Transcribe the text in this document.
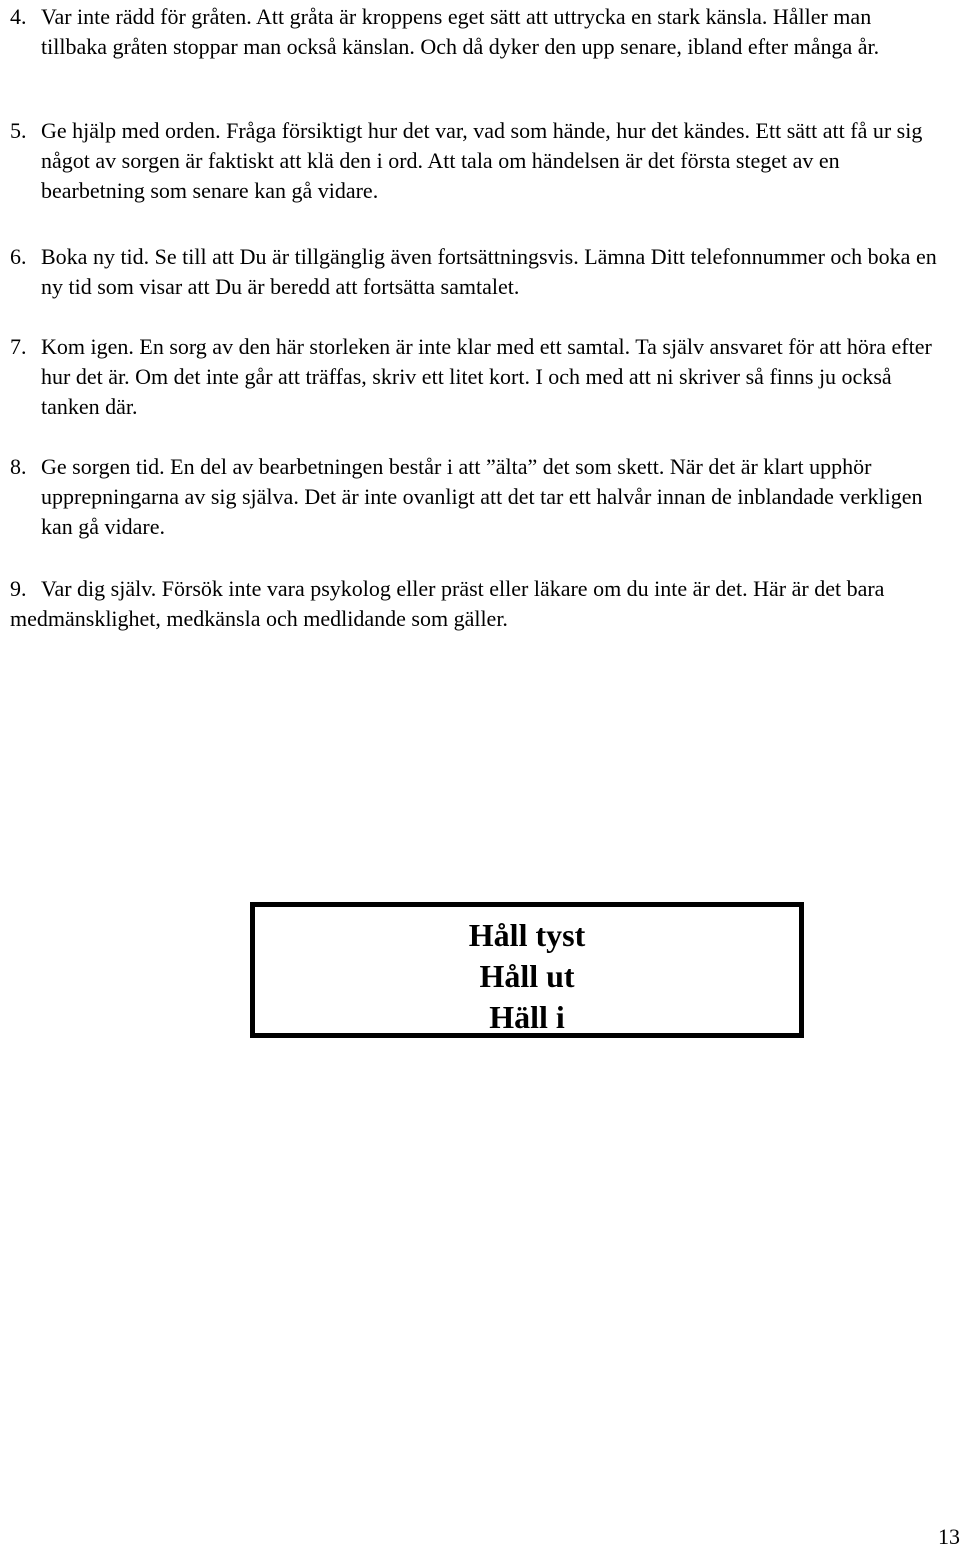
4. Var inte rädd för gråten. Att gråta är kroppens eget sätt att uttrycka en stark känsla. Håller man tillbaka gråten stoppar man också känslan. Och då dyker den upp senare, ibland efter många år.
5. Ge hjälp med orden. Fråga försiktigt hur det var, vad som hände, hur det kändes. Ett sätt att få ur sig något av sorgen är faktiskt att klä den i ord. Att tala om händelsen är det första steget av en bearbetning som senare kan gå vidare.
6. Boka ny tid. Se till att Du är tillgänglig även fortsättningsvis. Lämna Ditt telefonnummer och boka en ny tid som visar att Du är beredd att fortsätta samtalet.
7. Kom igen. En sorg av den här storleken är inte klar med ett samtal. Ta själv ansvaret för att höra efter hur det är. Om det inte går att träffas, skriv ett litet kort. I och med att ni skriver så finns ju också tanken där.
8. Ge sorgen tid. En del av bearbetningen består i att ”älta” det som skett. När det är klart upphör upprepningarna av sig själva. Det är inte ovanligt att det tar ett halvår innan de inblandade verkligen kan gå vidare.
9. Var dig själv. Försök inte vara psykolog eller präst eller läkare om du inte är det. Här är det bara medmänsklighet, medkänsla och medlidande som gäller.
Håll tyst
Håll ut
Häll i
13
